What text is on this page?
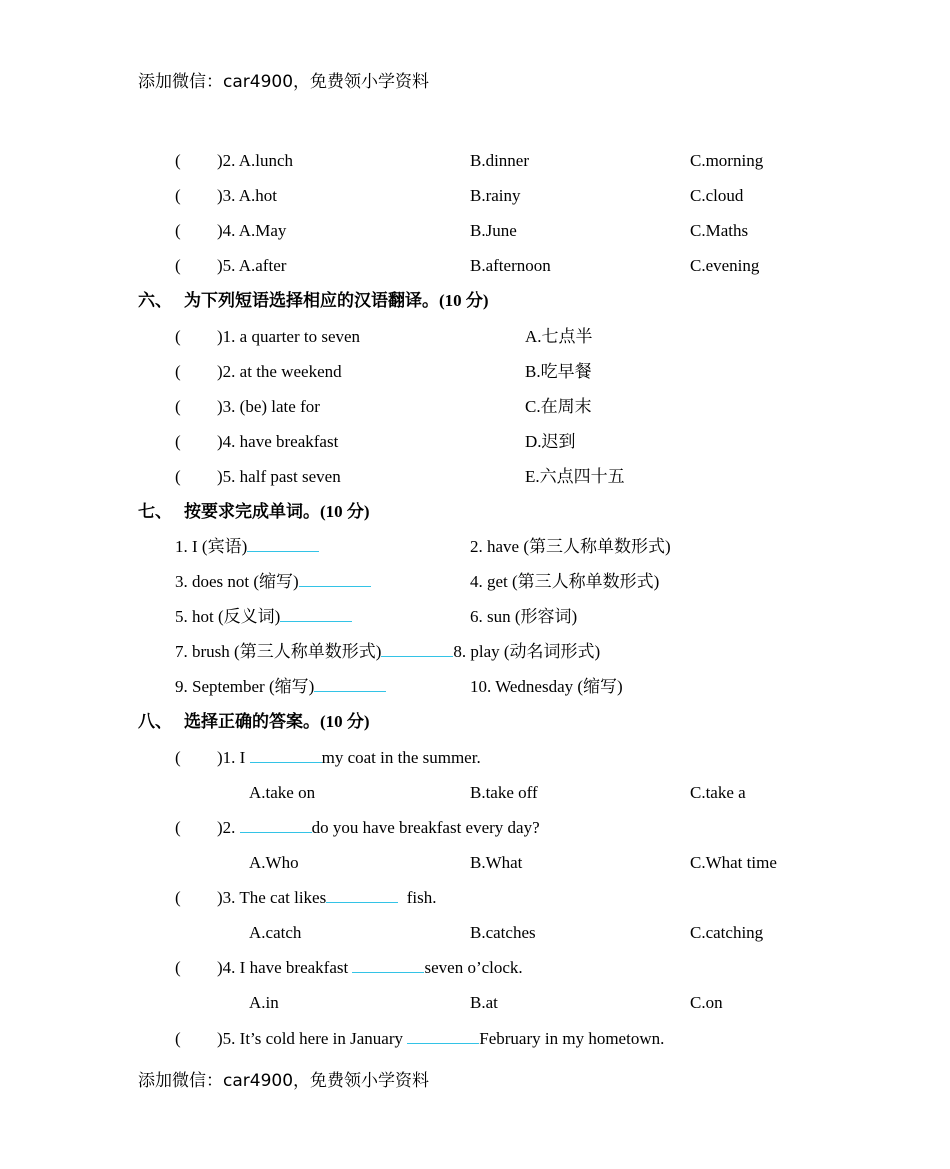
添加微信：car4900，免费领小学资料
( )2. A.lunch	B.dinner	C.morning
( )3. A.hot	B.rainy	C.cloud
( )4. A.May	B.June	C.Maths
( )5. A.after	B.afternoon	C.evening
六、 为下列短语选择相应的汉语翻译。(10 分)
( )1. a quarter to seven	A.七点半
( )2. at the weekend	B.吃早餐
( )3. (be) late for	C.在周末
( )4. have breakfast	D.迟到
( )5. half past seven	E.六点四十五
七、 按要求完成单词。(10 分)
1. I (宾语)	2. have (第三人称单数形式)
3. does not (缩写)	4. get (第三人称单数形式)
5. hot (反义词)	6. sun (形容词)
7. brush (第三人称单数形式)	8. play (动名词形式)
9. September (缩写)	10. Wednesday (缩写)
八、 选择正确的答案。(10 分)
( )1. I	my coat in the summer.
A.take on	B.take off	C.take a
( )2.	do you have breakfast every day?
A.Who	B.What	C.What time
( )3. The cat likes	fish.
A.catch	B.catches	C.catching
( )4. I have breakfast	seven o’clock.
A.in	B.at	C.on
( )5. It’s cold here in January	February in my hometown.
添加微信：car4900，免费领小学资料
